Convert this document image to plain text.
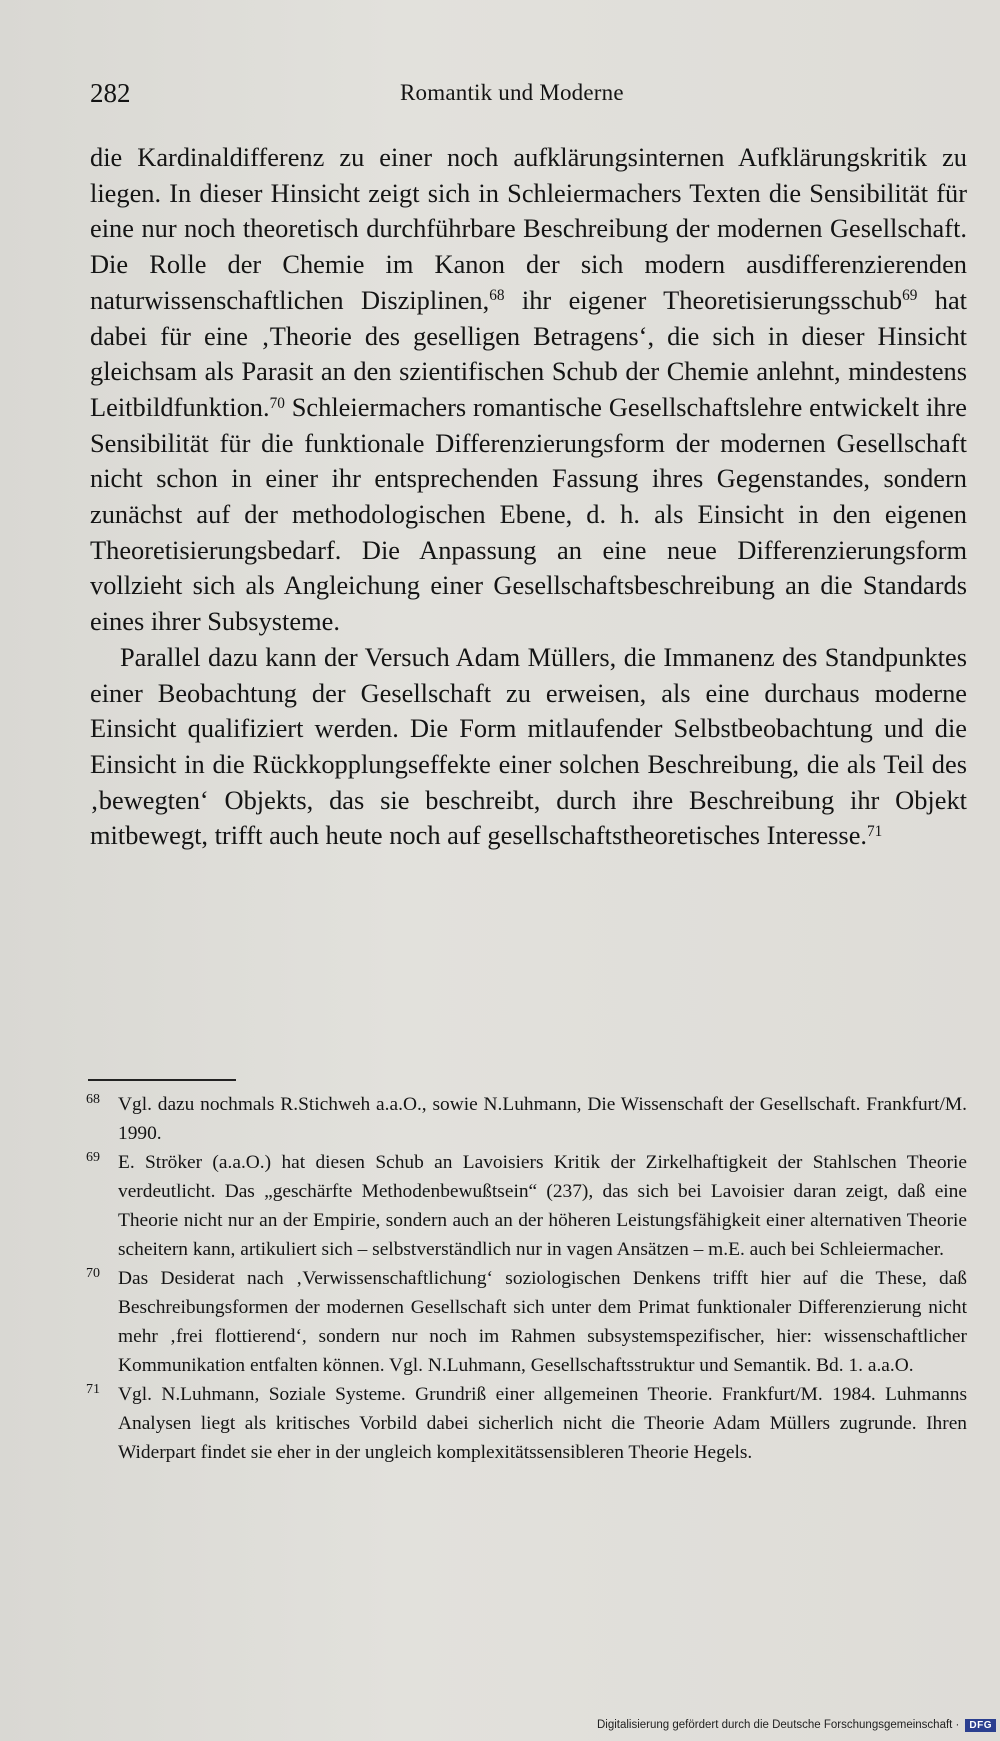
282	Romantik und Moderne

die Kardinaldifferenz zu einer noch aufklärungsinternen Aufklärungskritik zu liegen. In dieser Hinsicht zeigt sich in Schleiermachers Texten die Sensibilität für eine nur noch theoretisch durchführbare Beschreibung der modernen Gesellschaft. Die Rolle der Chemie im Kanon der sich modern ausdifferenzierenden naturwissenschaftlichen Disziplinen,$^{68}$ ihr eigener Theoretisierungsschub$^{69}$ hat dabei für eine ‚Theorie des geselligen Betragens‘, die sich in dieser Hinsicht gleichsam als Parasit an den szientifischen Schub der Chemie anlehnt, mindestens Leitbildfunktion.$^{70}$ Schleiermachers romantische Gesellschaftslehre entwickelt ihre Sensibilität für die funktionale Differenzierungsform der modernen Gesellschaft nicht schon in einer ihr entsprechenden Fassung ihres Gegenstandes, sondern zunächst auf der methodologischen Ebene, d. h. als Einsicht in den eigenen Theoretisierungsbedarf. Die Anpassung an eine neue Differenzierungsform vollzieht sich als Angleichung einer Gesellschaftsbeschreibung an die Standards eines ihrer Subsysteme.

Parallel dazu kann der Versuch Adam Müllers, die Immanenz des Standpunktes einer Beobachtung der Gesellschaft zu erweisen, als eine durchaus moderne Einsicht qualifiziert werden. Die Form mitlaufender Selbstbeobachtung und die Einsicht in die Rückkopplungseffekte einer solchen Beschreibung, die als Teil des ‚bewegten‘ Objekts, das sie beschreibt, durch ihre Beschreibung ihr Objekt mitbewegt, trifft auch heute noch auf gesellschaftstheoretisches Interesse.$^{71}$

68 Vgl. dazu nochmals R.Stichweh a.a.O., sowie N.Luhmann, Die Wissenschaft der Gesellschaft. Frankfurt/M. 1990.

69 E. Ströker (a.a.O.) hat diesen Schub an Lavoisiers Kritik der Zirkelhaftigkeit der Stahlschen Theorie verdeutlicht. Das „geschärfte Methodenbewußtsein“ (237), das sich bei Lavoisier daran zeigt, daß eine Theorie nicht nur an der Empirie, sondern auch an der höheren Leistungsfähigkeit einer alternativen Theorie scheitern kann, artikuliert sich – selbstverständlich nur in vagen Ansätzen – m.E. auch bei Schleiermacher.

70 Das Desiderat nach ‚Verwissenschaftlichung‘ soziologischen Denkens trifft hier auf die These, daß Beschreibungsformen der modernen Gesellschaft sich unter dem Primat funktionaler Differenzierung nicht mehr ‚frei flottierend‘, sondern nur noch im Rahmen subsystemspezifischer, hier: wissenschaftlicher Kommunikation entfalten können. Vgl. N.Luhmann, Gesellschaftsstruktur und Semantik. Bd. 1. a.a.O.

71 Vgl. N.Luhmann, Soziale Systeme. Grundriß einer allgemeinen Theorie. Frankfurt/M. 1984. Luhmanns Analysen liegt als kritisches Vorbild dabei sicherlich nicht die Theorie Adam Müllers zugrunde. Ihren Widerpart findet sie eher in der ungleich komplexitätssensibleren Theorie Hegels.

Digitalisierung gefördert durch die Deutsche Forschungsgemeinschaft ·	DFG
